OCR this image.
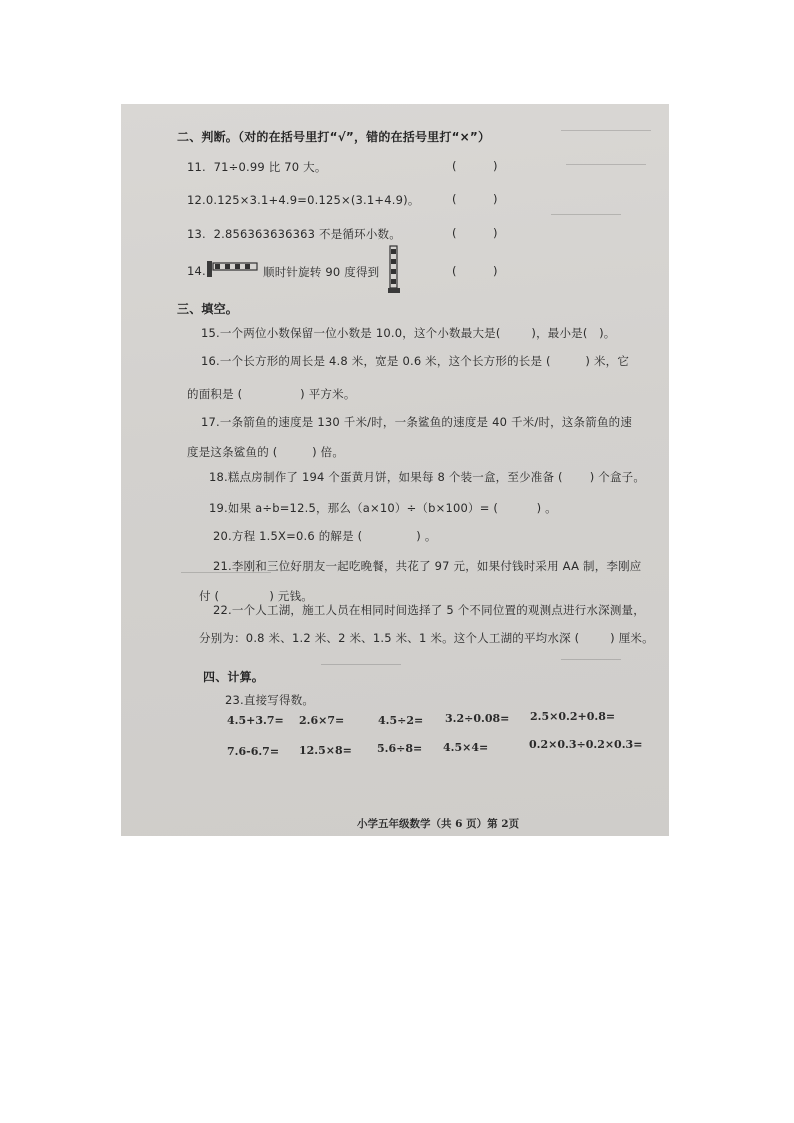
二、判断。（对的在括号里打“√”，错的在括号里打“×”）
11.  71÷0.99 比 70 大。	(          )
12.0.125×3.1+4.9=0.125×(3.1+4.9)。	(          )
13.  2.856363636363 不是循环小数。	(          )
14.	顺时针旋转 90 度得到	(          )
三、填空。
15.一个两位小数保留一位小数是 10.0，这个小数最大是(        )，最小是(   )。
16.一个长方形的周长是 4.8 米，宽是 0.6 米，这个长方形的长是 (         ) 米，它
的面积是 (               ) 平方米。
17.一条箭鱼的速度是 130 千米/时，一条鲨鱼的速度是 40 千米/时，这条箭鱼的速
度是这条鲨鱼的 (         ) 倍。
18.糕点房制作了 194 个蛋黄月饼，如果每 8 个装一盒，至少准备 (       ) 个盒子。
19.如果 a÷b=12.5，那么（a×10）÷（b×100）= (          ) 。
20.方程 1.5X=0.6 的解是 (              ) 。
21.李刚和三位好朋友一起吃晚餐，共花了 97 元，如果付钱时采用 AA 制，李刚应
付 (             ) 元钱。
22.一个人工湖，施工人员在相同时间选择了 5 个不同位置的观测点进行水深测量，
分别为：0.8 米、1.2 米、2 米、1.5 米、1 米。这个人工湖的平均水深 (        ) 厘米。
四、计算。
23.直接写得数。
4.5+3.7= 2.6×7=	4.5÷2= 3.2÷0.08= 2.5×0.2+0.8=
7.6-6.7= 12.5×8= 5.6÷8= 4.5×4=	0.2×0.3÷0.2×0.3=
小学五年级数学（共 6 页）第 2页
